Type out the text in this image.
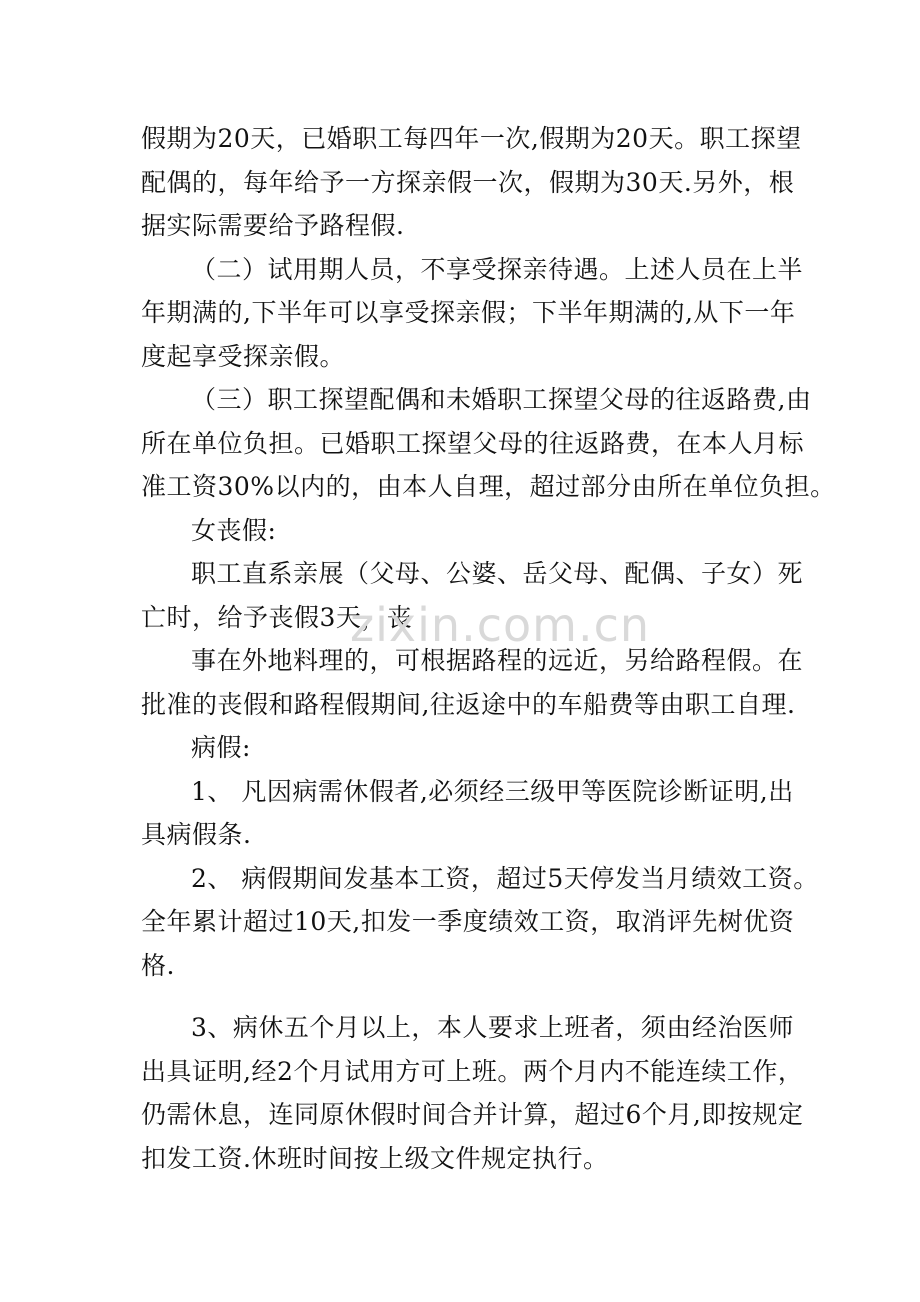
假期为20天，已婚职工每四年一次,假期为20天。职工探望
配偶的，每年给予一方探亲假一次，假期为30天.另外，根
据实际需要给予路程假.
（二）试用期人员，不享受探亲待遇。上述人员在上半
年期满的,下半年可以享受探亲假；下半年期满的,从下一年
度起享受探亲假。
（三）职工探望配偶和未婚职工探望父母的往返路费,由
所在单位负担。已婚职工探望父母的往返路费，在本人月标
准工资30%以内的，由本人自理，超过部分由所在单位负担。
女丧假:
职工直系亲展（父母、公婆、岳父母、配偶、子女）死
亡时，给予丧假3天，丧
事在外地料理的，可根据路程的远近，另给路程假。在
批准的丧假和路程假期间,往返途中的车船费等由职工自理.
病假:
1、 凡因病需休假者,必须经三级甲等医院诊断证明,出
具病假条.
2、 病假期间发基本工资，超过5天停发当月绩效工资。
全年累计超过10天,扣发一季度绩效工资，取消评先树优资
格.
3、病休五个月以上，本人要求上班者，须由经治医师
出具证明,经2个月试用方可上班。两个月内不能连续工作，
仍需休息，连同原休假时间合并计算，超过6个月,即按规定
扣发工资.休班时间按上级文件规定执行。
zixin.com.cn
